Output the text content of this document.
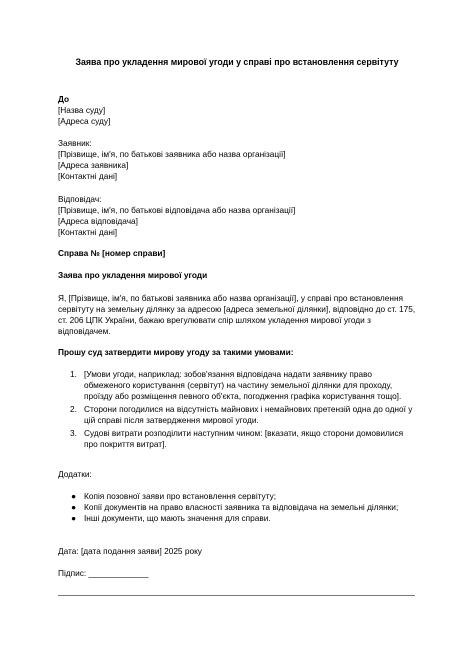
Заява про укладення мирової угоди у справі про встановлення сервітуту

До

[Назва суду]

[Адреса суду]

Заявник:

[Прізвище, ім'я, по батькові заявника або назва організації]

[Адреса заявника]

[Контактні дані]

Відповідач:

[Прізвище, ім'я, по батькові відповідача або назва організації]

[Адреса відповідача]

[Контактні дані]

Справа № [номер справи]
Заява про укладення мирової угоди
Я, [Прізвище, ім'я, по батькові заявника або назва організації], у справі про встановлення сервітуту на земельну ділянку за адресою [адреса земельної ділянки], відповідно до ст. 175, ст. 206 ЦПК України, бажаю врегулювати спір шляхом укладення мирової угоди з відповідачем.
Прошу суд затвердити мирову угоду за такими умовами:
1. [Умови угоди, наприклад: зобов'язання відповідача надати заявнику право обмеженого користування (сервітут) на частину земельної ділянки для проходу, проїзду або розміщення певного об'єкта, погодження графіка користування тощо].
2. Сторони погодилися на відсутність майнових і немайнових претензій одна до одної у цій справі після затвердження мирової угоди.
3. Судові витрати розподілити наступним чином: [вказати, якщо сторони домовилися про покриття витрат].
Додатки:
● Копія позовної заяви про встановлення сервітуту;
● Копії документів на право власності заявника та відповідача на земельні ділянки;
● Інші документи, що мають значення для справи.
Дата: [дата подання заяви] 2025 року
Підпис: _____________
